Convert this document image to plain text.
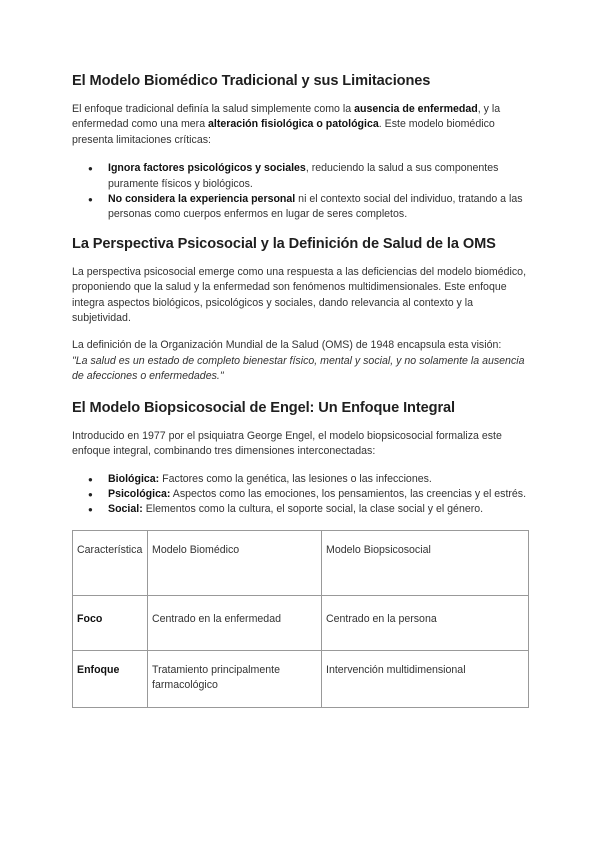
El Modelo Biomédico Tradicional y sus Limitaciones

El enfoque tradicional definía la salud simplemente como la ausencia de enfermedad, y la enfermedad como una mera alteración fisiológica o patológica. Este modelo biomédico presenta limitaciones críticas:

● Ignora factores psicológicos y sociales, reduciendo la salud a sus componentes puramente físicos y biológicos.
● No considera la experiencia personal ni el contexto social del individuo, tratando a las personas como cuerpos enfermos en lugar de seres completos.
La Perspectiva Psicosocial y la Definición de Salud de la OMS

La perspectiva psicosocial emerge como una respuesta a las deficiencias del modelo biomédico, proponiendo que la salud y la enfermedad son fenómenos multidimensionales. Este enfoque integra aspectos biológicos, psicológicos y sociales, dando relevancia al contexto y la subjetividad.

La definición de la Organización Mundial de la Salud (OMS) de 1948 encapsula esta visión:
"La salud es un estado de completo bienestar físico, mental y social, y no solamente la ausencia de afecciones o enfermedades."

El Modelo Biopsicosocial de Engel: Un Enfoque Integral

Introducido en 1977 por el psiquiatra George Engel, el modelo biopsicosocial formaliza este enfoque integral, combinando tres dimensiones interconectadas:

● Biológica: Factores como la genética, las lesiones o las infecciones.
● Psicológica: Aspectos como las emociones, los pensamientos, las creencias y el estrés.
● Social: Elementos como la cultura, el soporte social, la clase social y el género.
Característica	Modelo Biomédico	Modelo Biopsicosocial
Foco	Centrado en la enfermedad	Centrado en la persona
Enfoque	Tratamiento principalmente farmacológico	Intervención multidimensional
